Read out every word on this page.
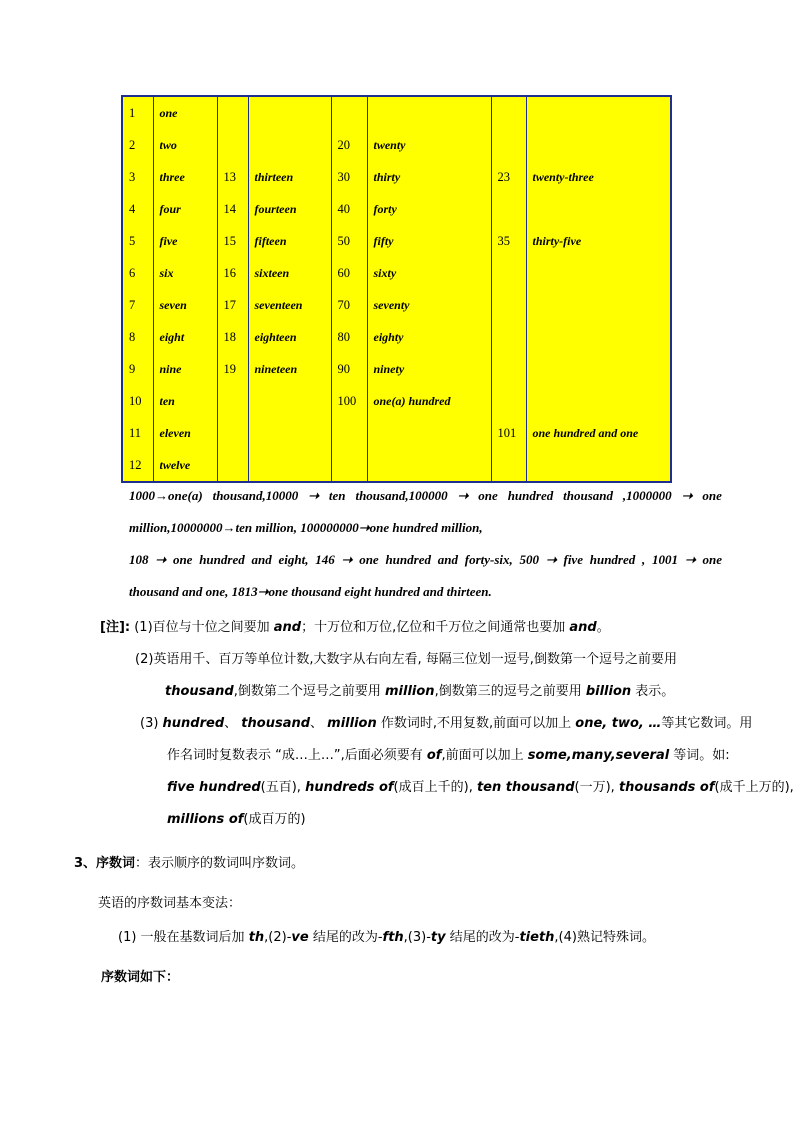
1	one						
2	two			20	twenty		
3	three	13	thirteen	30	thirty	23	twenty-three
4	four	14	fourteen	40	forty		
5	five	15	fifteen	50	fifty	35	thirty-five
6	six	16	sixteen	60	sixty		
7	seven	17	seventeen	70	seventy		
8	eight	18	eighteen	80	eighty		
9	nine	19	nineteen	90	ninety		
10	ten			100	one(a) hundred		
11	eleven					101	one hundred and one
12	twelve						
1000→one(a) thousand,10000 ➝ ten thousand,100000 ➝ one hundred thousand ,1000000 ➝ one
million,10000000→ten million, 100000000➝one hundred million,
108 ➝ one hundred and eight, 146 ➝ one hundred and forty-six, 500 ➝ five hundred , 1001 ➝ one
thousand and one, 1813➝one thousand eight hundred and thirteen.
[注]: (1)百位与十位之间要加 and；十万位和万位,亿位和千万位之间通常也要加 and。
(2)英语用千、百万等单位计数,大数字从右向左看, 每隔三位划一逗号,倒数第一个逗号之前要用
thousand,倒数第二个逗号之前要用 million,倒数第三的逗号之前要用 billion 表示。
(3) hundred、 thousand、 million 作数词时,不用复数,前面可以加上 one, two, …等其它数词。用
作名词时复数表示 “成…上…”,后面必须要有 of,前面可以加上 some,many,several 等词。如:
five hundred(五百), hundreds of(成百上千的), ten thousand(一万), thousands of(成千上万的),
millions of(成百万的)
3、序数词：表示顺序的数词叫序数词。
英语的序数词基本变法：
(1) 一般在基数词后加 th,(2)-ve 结尾的改为-fth,(3)-ty 结尾的改为-tieth,(4)熟记特殊词。
序数词如下：
